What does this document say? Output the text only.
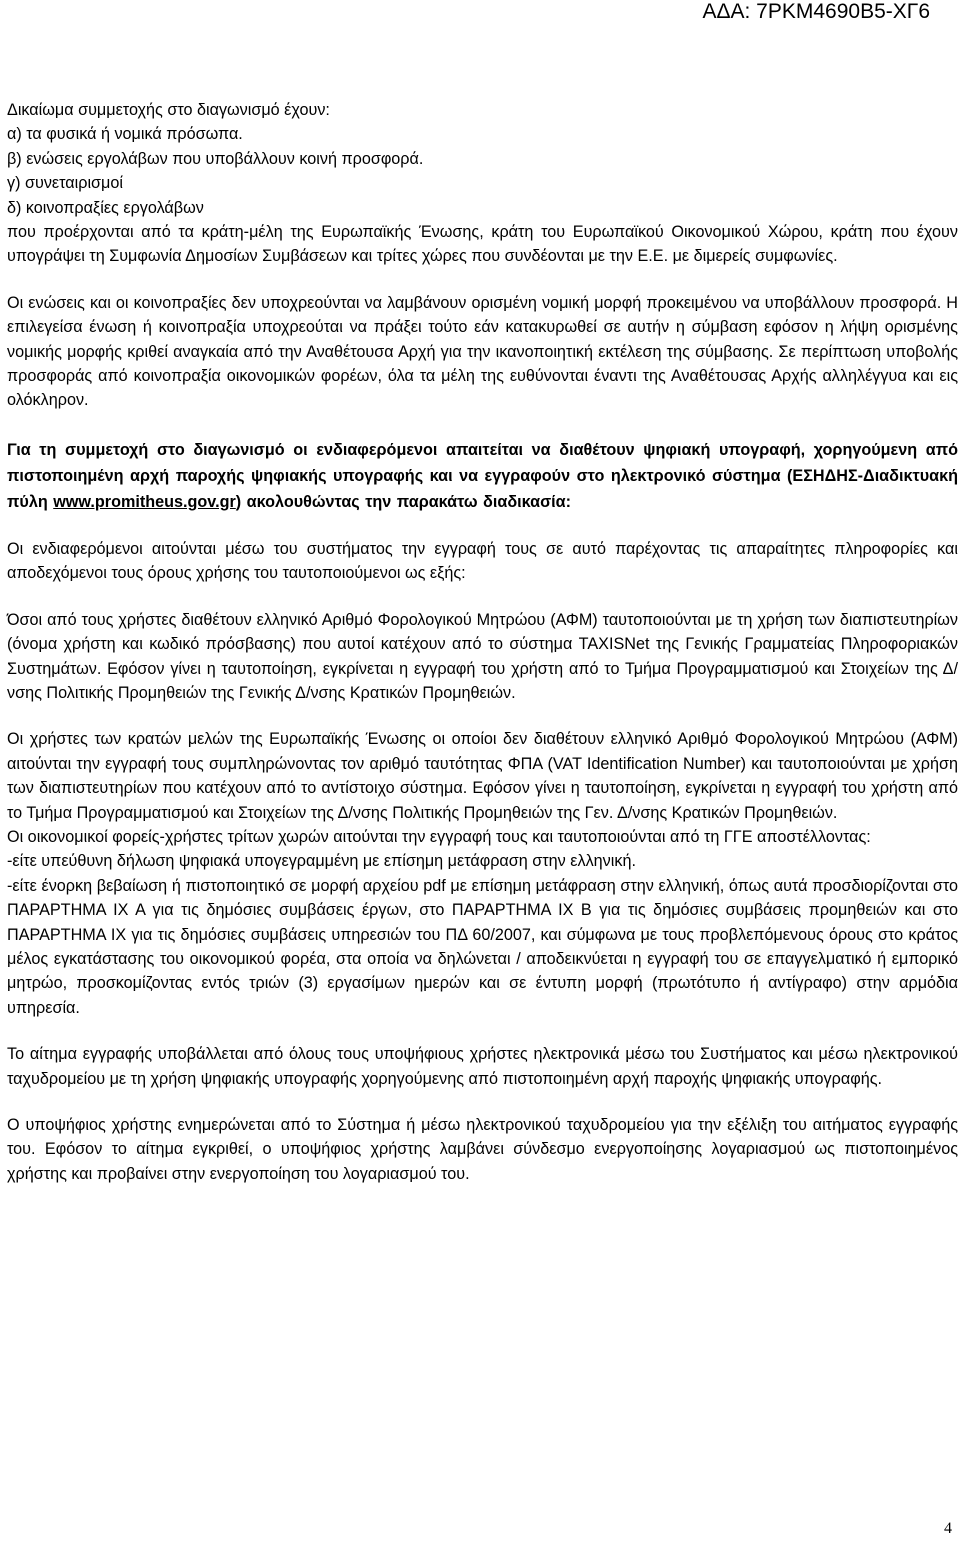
ΑΔΑ: 7ΡΚΜ4690Β5-ΧΓ6

Δικαίωμα συμμετοχής στο διαγωνισμό έχουν:

α) τα φυσικά ή νομικά πρόσωπα.

β) ενώσεις εργολάβων που υποβάλλουν κοινή προσφορά.

γ) συνεταιρισμοί

δ) κοινοπραξίες εργολάβων

που προέρχονται από τα κράτη-μέλη της Ευρωπαϊκής Ένωσης, κράτη του Ευρωπαϊκού Οικονομικού Χώρου, κράτη που έχουν υπογράψει τη Συμφωνία Δημοσίων Συμβάσεων και τρίτες χώρες που συνδέονται με την Ε.Ε. με διμερείς συμφωνίες.

Οι ενώσεις και οι κοινοπραξίες δεν υποχρεούνται να λαμβάνουν ορισμένη νομική μορφή προκειμένου να υποβάλλουν προσφορά. Η επιλεγείσα ένωση ή κοινοπραξία υποχρεούται να πράξει τούτο εάν κατακυρωθεί σε αυτήν η σύμβαση εφόσον η λήψη ορισμένης νομικής μορφής κριθεί αναγκαία από την Αναθέτουσα Αρχή για την ικανοποιητική εκτέλεση της σύμβασης. Σε περίπτωση υποβολής προσφοράς από κοινοπραξία οικονομικών φορέων, όλα τα μέλη της ευθύνονται έναντι της Αναθέτουσας Αρχής αλληλέγγυα και εις ολόκληρον.

Για τη συμμετοχή στο διαγωνισμό οι ενδιαφερόμενοι απαιτείται να διαθέτουν ψηφιακή υπογραφή, χορηγούμενη από πιστοποιημένη αρχή παροχής ψηφιακής υπογραφής και να εγγραφούν στο ηλεκτρονικό σύστημα (ΕΣΗΔΗΣ-Διαδικτυακή πύλη www.promitheus.gov.gr) ακολουθώντας την παρακάτω διαδικασία:

Οι ενδιαφερόμενοι αιτούνται μέσω του συστήματος την εγγραφή τους σε αυτό παρέχοντας τις απαραίτητες πληροφορίες και αποδεχόμενοι τους όρους χρήσης του ταυτοποιούμενοι ως εξής:

Όσοι από τους χρήστες διαθέτουν ελληνικό Αριθμό Φορολογικού Μητρώου (ΑΦΜ) ταυτοποιούνται με τη χρήση των διαπιστευτηρίων (όνομα χρήστη και κωδικό πρόσβασης) που αυτοί κατέχουν από το σύστημα TAXISNet της Γενικής Γραμματείας Πληροφοριακών Συστημάτων. Εφόσον γίνει η ταυτοποίηση, εγκρίνεται η εγγραφή του χρήστη από το Τμήμα Προγραμματισμού και Στοιχείων της Δ/νσης Πολιτικής Προμηθειών της Γενικής Δ/νσης Κρατικών Προμηθειών.

Οι χρήστες των κρατών μελών της Ευρωπαϊκής Ένωσης οι οποίοι δεν διαθέτουν ελληνικό Αριθμό Φορολογικού Μητρώου (ΑΦΜ) αιτούνται την εγγραφή τους συμπληρώνοντας τον αριθμό ταυτότητας ΦΠΑ (VAT Identification Number) και ταυτοποιούνται με χρήση των διαπιστευτηρίων που κατέχουν από το αντίστοιχο σύστημα. Εφόσον γίνει η ταυτοποίηση, εγκρίνεται η εγγραφή του χρήστη από το Τμήμα Προγραμματισμού και Στοιχείων της Δ/νσης Πολιτικής Προμηθειών της Γεν. Δ/νσης Κρατικών Προμηθειών.

Οι οικονομικοί φορείς-χρήστες τρίτων χωρών αιτούνται την εγγραφή τους και ταυτοποιούνται από τη ΓΓΕ αποστέλλοντας:

-είτε υπεύθυνη δήλωση ψηφιακά υπογεγραμμένη με επίσημη μετάφραση στην ελληνική.

-είτε ένορκη βεβαίωση ή πιστοποιητικό σε μορφή αρχείου pdf με επίσημη μετάφραση στην ελληνική, όπως αυτά προσδιορίζονται στο ΠΑΡΑΡΤΗΜΑ ΙΧ Α για τις δημόσιες συμβάσεις έργων, στο ΠΑΡΑΡΤΗΜΑ ΙΧ Β για τις δημόσιες συμβάσεις προμηθειών και στο ΠΑΡΑΡΤΗΜΑ ΙΧ για τις δημόσιες συμβάσεις υπηρεσιών του ΠΔ 60/2007, και σύμφωνα με τους προβλεπόμενους όρους στο κράτος μέλος εγκατάστασης του οικονομικού φορέα, στα οποία να δηλώνεται / αποδεικνύεται η εγγραφή του σε επαγγελματικό ή εμπορικό μητρώο, προσκομίζοντας εντός τριών (3) εργασίμων ημερών και σε έντυπη μορφή (πρωτότυπο ή αντίγραφο) στην αρμόδια υπηρεσία.

Το αίτημα εγγραφής υποβάλλεται από όλους τους υποψήφιους χρήστες ηλεκτρονικά μέσω του Συστήματος και μέσω ηλεκτρονικού ταχυδρομείου με τη χρήση ψηφιακής υπογραφής χορηγούμενης από πιστοποιημένη αρχή παροχής ψηφιακής υπογραφής.

Ο υποψήφιος χρήστης ενημερώνεται από το Σύστημα ή μέσω ηλεκτρονικού ταχυδρομείου για την εξέλιξη του αιτήματος εγγραφής του. Εφόσον το αίτημα εγκριθεί, ο υποψήφιος χρήστης λαμβάνει σύνδεσμο ενεργοποίησης λογαριασμού ως πιστοποιημένος χρήστης και προβαίνει στην ενεργοποίηση του λογαριασμού του.

4
